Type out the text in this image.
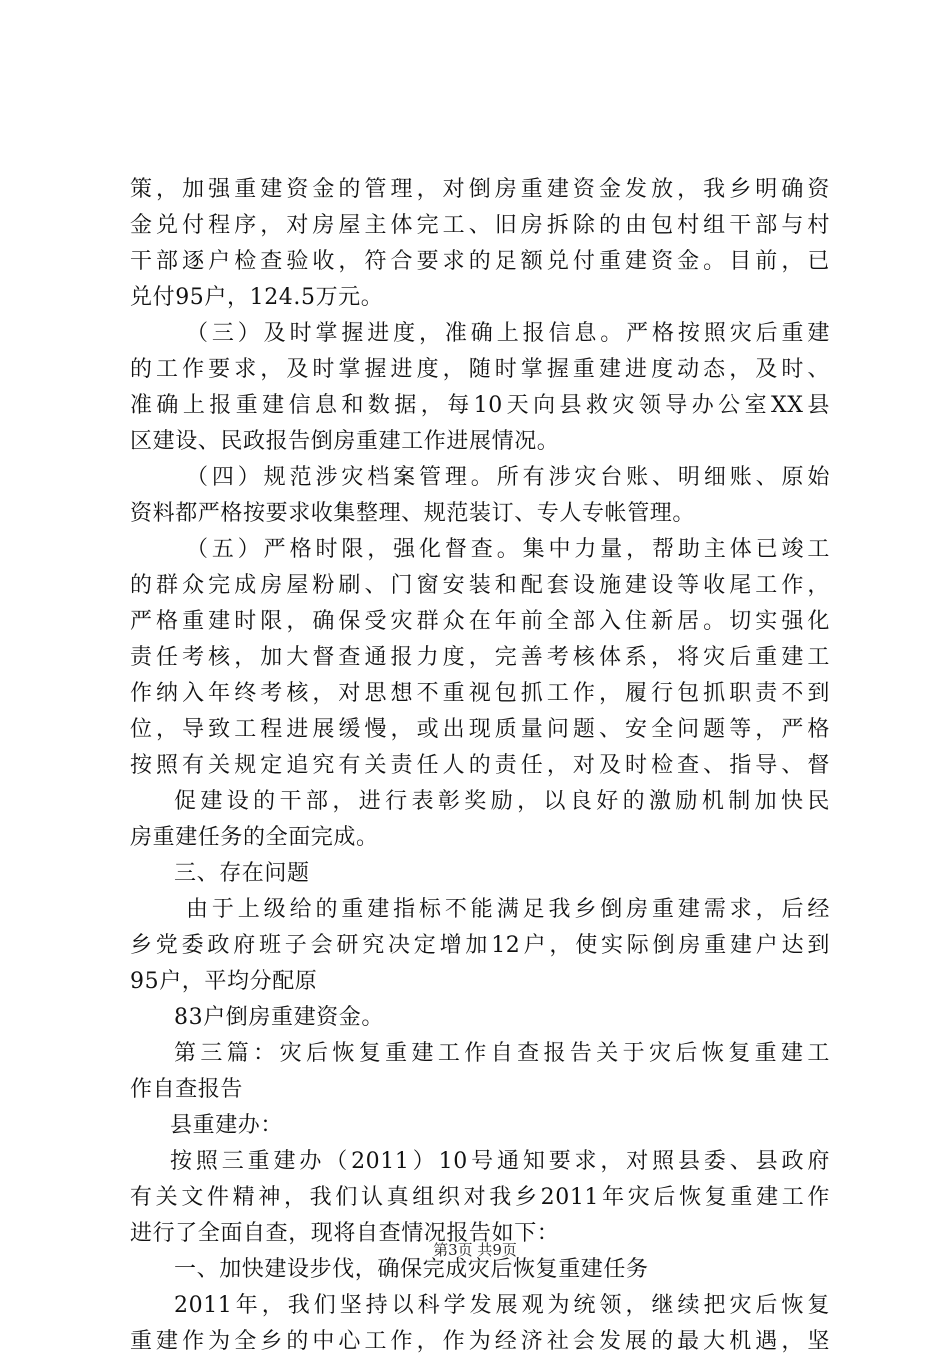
策，加强重建资金的管理，对倒房重建资金发放，我乡明确资
金兑付程序，对房屋主体完工、旧房拆除的由包村组干部与村
干部逐户检查验收，符合要求的足额兑付重建资金。目前，已
兑付95户，124.5万元。
（三）及时掌握进度，准确上报信息。严格按照灾后重建
的工作要求，及时掌握进度，随时掌握重建进度动态，及时、
准确上报重建信息和数据，每10天向县救灾领导办公室XX县
区建设、民政报告倒房重建工作进展情况。
（四）规范涉灾档案管理。所有涉灾台账、明细账、原始
资料都严格按要求收集整理、规范装订、专人专帐管理。
（五）严格时限，强化督查。集中力量，帮助主体已竣工
的群众完成房屋粉刷、门窗安装和配套设施建设等收尾工作，
严格重建时限，确保受灾群众在年前全部入住新居。切实强化
责任考核，加大督查通报力度，完善考核体系，将灾后重建工
作纳入年终考核，对思想不重视包抓工作，履行包抓职责不到
位，导致工程进展缓慢，或出现质量问题、安全问题等，严格
按照有关规定追究有关责任人的责任，对及时检查、指导、督
促建设的干部，进行表彰奖励，以良好的激励机制加快民
房重建任务的全面完成。
三、存在问题
由于上级给的重建指标不能满足我乡倒房重建需求，后经
乡党委政府班子会研究决定增加12户，使实际倒房重建户达到
95户，平均分配原
83户倒房重建资金。
第三篇：灾后恢复重建工作自查报告关于灾后恢复重建工
作自查报告
县重建办：
按照三重建办（2011）10号通知要求，对照县委、县政府
有关文件精神，我们认真组织对我乡2011年灾后恢复重建工作
进行了全面自查，现将自查情况报告如下：
一、加快建设步伐，确保完成灾后恢复重建任务
2011年，我们坚持以科学发展观为统领，继续把灾后恢复
重建作为全乡的中心工作，作为经济社会发展的最大机遇，坚
第3页 共9页
